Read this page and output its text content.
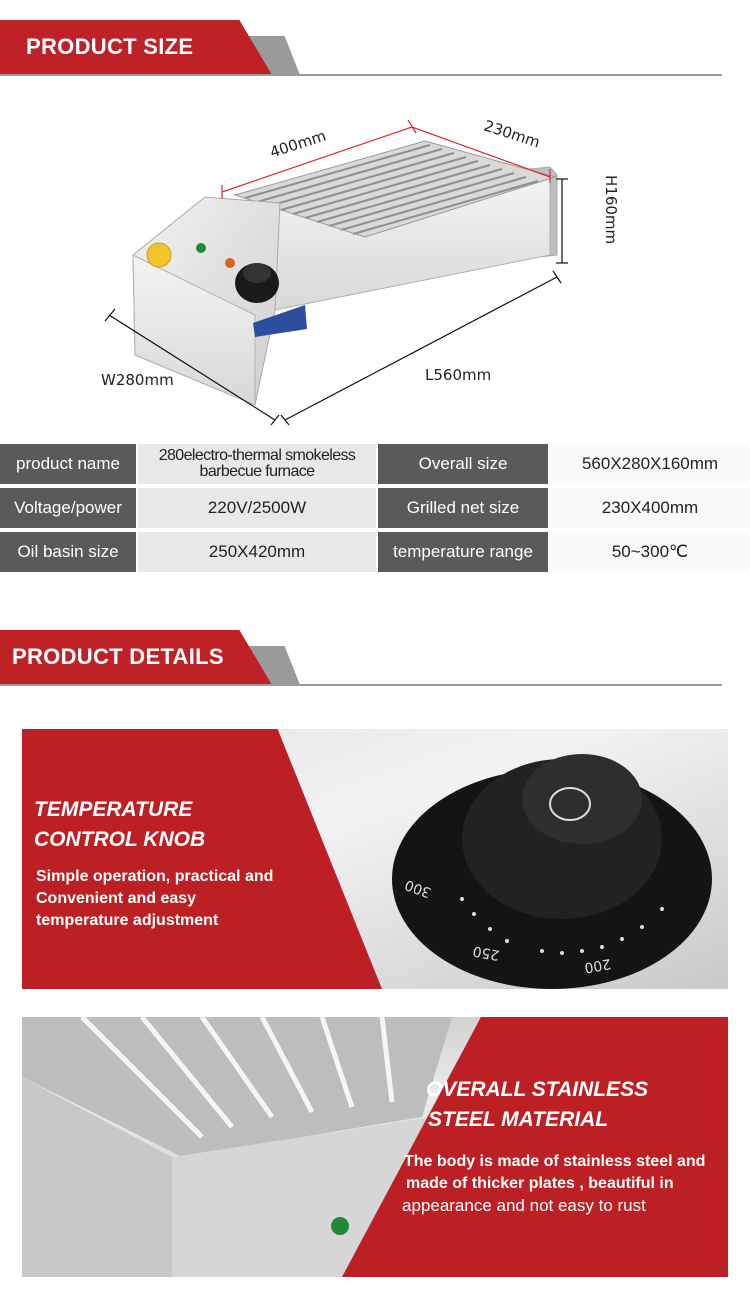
PRODUCT SIZE
400mm	230mm
H160mm
W280mm	L560mm
product name	280electro-thermal smokeless barbecue furnace	Overall size	560X280X160mm
Voltage/power	220V/2500W	Grilled net size	230X400mm
Oil basin size	250X420mm	temperature range	50~300℃
PRODUCT DETAILS
300
250
200
TEMPERATURE
CONTROL KNOB
Simple operation, practical and
Convenient and easy
temperature adjustment
OVERALL STAINLESS
STEEL MATERIAL
The body is made of stainless steel and
made of thicker plates , beautiful in
appearance and not easy to rust
